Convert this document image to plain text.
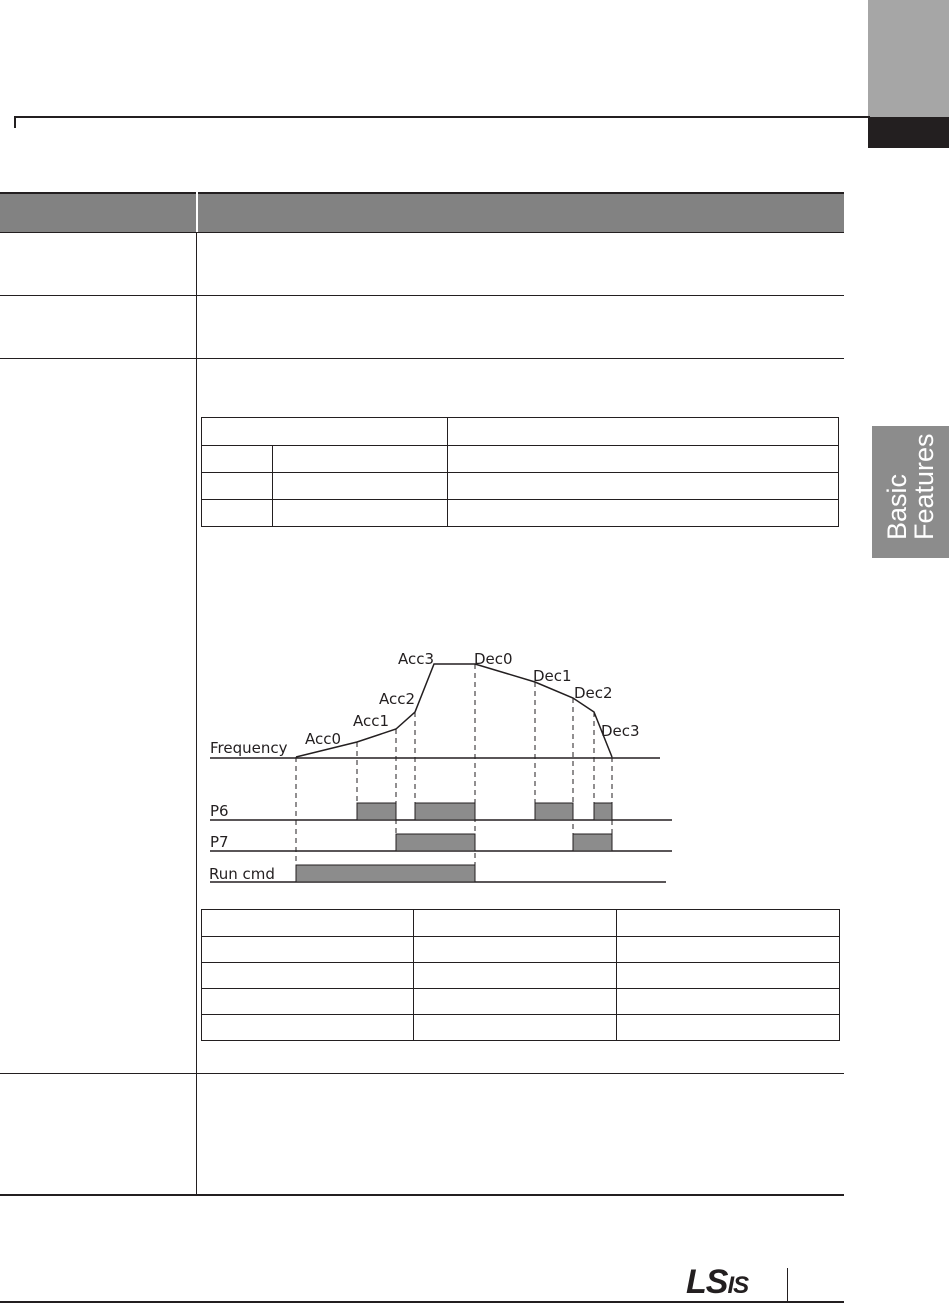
Basic
Features

Acc0
Acc1
Acc2
Acc3	Dec0
Dec1
Dec2
Dec3
Frequency
P6
P7
Run cmd

LSIS
